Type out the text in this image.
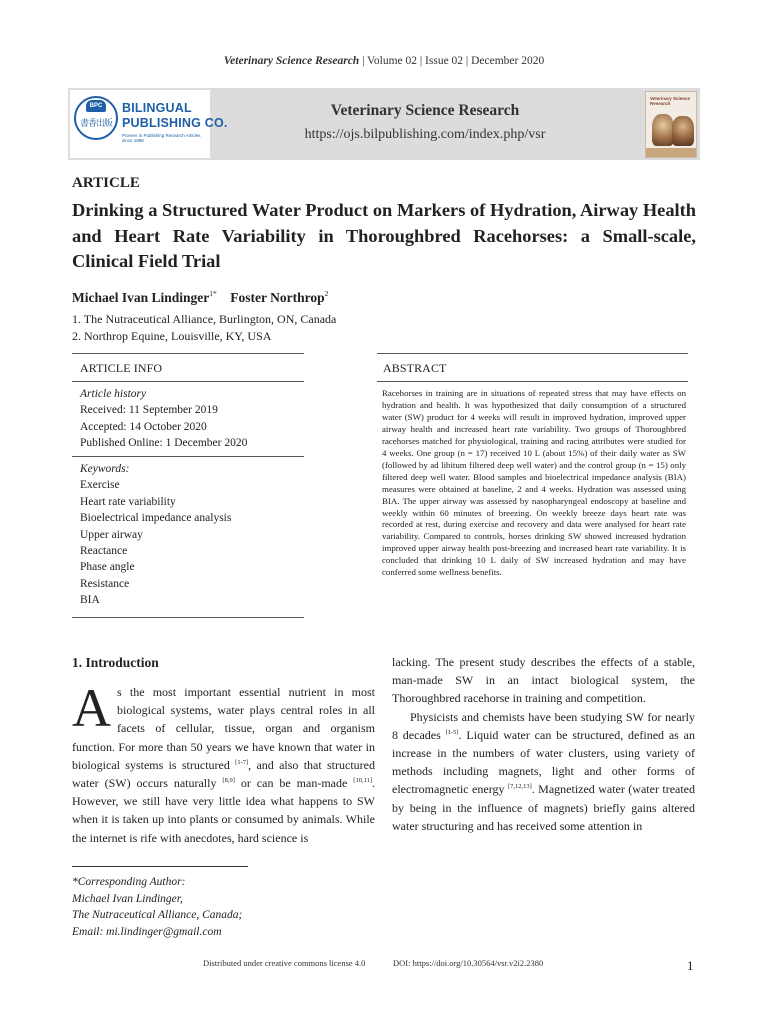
Veterinary Science Research | Volume 02 | Issue 02 | December 2020
BPC
書香出版
BILINGUAL
PUBLISHING CO.
Pioneer in Publishing Research Articles since 1998
Veterinary Science Research
https://ojs.bilpublishing.com/index.php/vsr
Veterinary Science Research
ARTICLE
Drinking a Structured Water Product on Markers of Hydration, Airway Health and Heart Rate Variability in Thoroughbred Racehorses: a Small-scale, Clinical Field Trial
Michael Ivan Lindinger$^{1*}$ Foster Northrop$^2$
1. The Nutraceutical Alliance, Burlington, ON, Canada
2. Northrop Equine, Louisville, KY, USA
ARTICLE INFO
Article history
Received: 11 September 2019
Accepted: 14 October 2020
Published Online: 1 December 2020
Keywords:
Exercise
Heart rate variability
Bioelectrical impedance analysis
Upper airway
Reactance
Phase angle
Resistance
BIA
ABSTRACT
Racehorses in training are in situations of repeated stress that may have effects on hydration and health. It was hypothesized that daily consumption of a structured water (SW) product for 4 weeks will result in improved hydration, improved upper airway health and increased heart rate variability. Two groups of Thoroughbred racehorses matched for physiological, training and racing attributes were studied for 4 weeks. One group (n = 17) received 10 L (about 15%) of their daily water as SW (followed by ad libitum filtered deep well water) and the control group (n = 15) only filtered deep well water. Blood samples and bioelectrical impedance analysis (BIA) measures were obtained at baseline, 2 and 4 weeks. Hydration was assessed using BIA. The upper airway was assessed by nasopharyngeal endoscopy at baseline and weekly within 60 minutes of breezing. On weekly breeze days heart rate was recorded at rest, during exercise and recovery and data were analysed for heart rate variability. Compared to controls, horses drinking SW showed increased hydration improved upper airway health post-breezing and increased heart rate variability. It is concluded that drinking 10 L daily of SW increased hydration and may have conferred some wellness benefits.
1. Introduction
As the most important essential nutrient in most biological systems, water plays central roles in all facets of cellular, tissue, organ and organism function. For more than 50 years we have known that water in biological systems is structured [1-7], and also that structured water (SW) occurs naturally [8,9] or can be man-made [10,11]. However, we still have very little idea what happens to SW when it is taken up into plants or consumed by animals. While the internet is rife with anecdotes, hard science is
lacking. The present study describes the effects of a stable, man-made SW in an intact biological system, the Thoroughbred racehorse in training and competition.
Physicists and chemists have been studying SW for nearly 8 decades [1-5]. Liquid water can be structured, defined as an increase in the numbers of water clusters, using variety of methods including magnets, light and other forms of electromagnetic energy [7,12,13]. Magnetized water (water treated by being in the influence of magnets) briefly gains altered water structuring and has received some attention in
*Corresponding Author:
Michael Ivan Lindinger,
The Nutraceutical Alliance, Canada;
Email: mi.lindinger@gmail.com
Distributed under creative commons license 4.0	DOI: https://doi.org/10.30564/vsr.v2i2.2380	1
